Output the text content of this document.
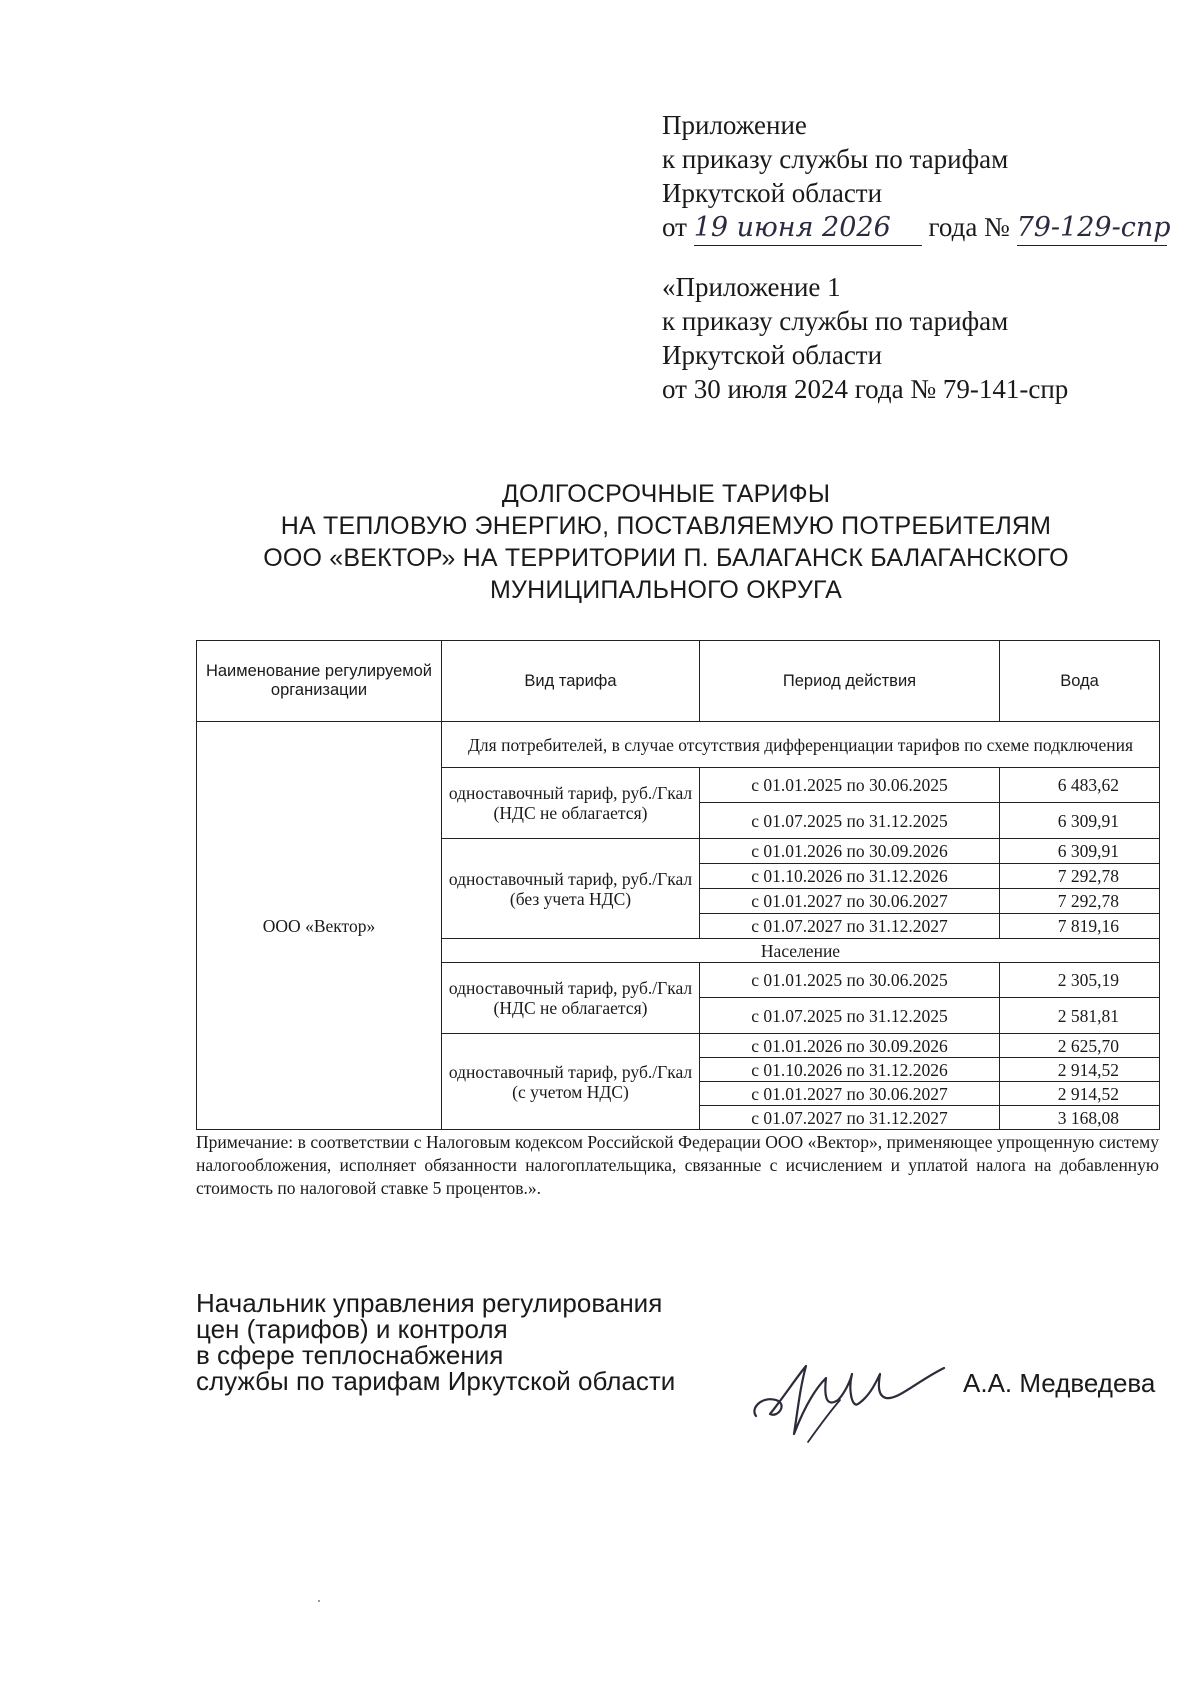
Приложение
к приказу службы по тарифам
Иркутской области
от 19 июня 2026 года № 79-129-спр
«Приложение 1
к приказу службы по тарифам
Иркутской области
от 30 июля 2024 года № 79-141-спр
ДОЛГОСРОЧНЫЕ ТАРИФЫ
НА ТЕПЛОВУЮ ЭНЕРГИЮ, ПОСТАВЛЯЕМУЮ ПОТРЕБИТЕЛЯМ
ООО «ВЕКТОР» НА ТЕРРИТОРИИ П. БАЛАГАНСК БАЛАГАНСКОГО
МУНИЦИПАЛЬНОГО ОКРУГА
Наименование регулируемой организации	Вид тарифа	Период действия	Вода
ООО «Вектор»	Для потребителей, в случае отсутствия дифференциации тарифов по схеме подключения		
	одноставочный тариф, руб./Гкал (НДС не облагается)	с 01.01.2025 по 30.06.2025	6 483,62
		с 01.07.2025 по 31.12.2025	6 309,91
	одноставочный тариф, руб./Гкал (без учета НДС)	с 01.01.2026 по 30.09.2026	6 309,91
		с 01.10.2026 по 31.12.2026	7 292,78
		с 01.01.2027 по 30.06.2027	7 292,78
		с 01.07.2027 по 31.12.2027	7 819,16
	Население		
	одноставочный тариф, руб./Гкал (НДС не облагается)	с 01.01.2025 по 30.06.2025	2 305,19
		с 01.07.2025 по 31.12.2025	2 581,81
	одноставочный тариф, руб./Гкал (с учетом НДС)	с 01.01.2026 по 30.09.2026	2 625,70
		с 01.10.2026 по 31.12.2026	2 914,52
		с 01.01.2027 по 30.06.2027	2 914,52
		с 01.07.2027 по 31.12.2027	3 168,08
Примечание: в соответствии с Налоговым кодексом Российской Федерации ООО «Вектор», применяющее упрощенную систему налогообложения, исполняет обязанности налогоплательщика, связанные с исчислением и уплатой налога на добавленную стоимость по налоговой ставке 5 процентов.».
Начальник управления регулирования
цен (тарифов) и контроля
в сфере теплоснабжения
службы по тарифам Иркутской области	А.А. Медведева
